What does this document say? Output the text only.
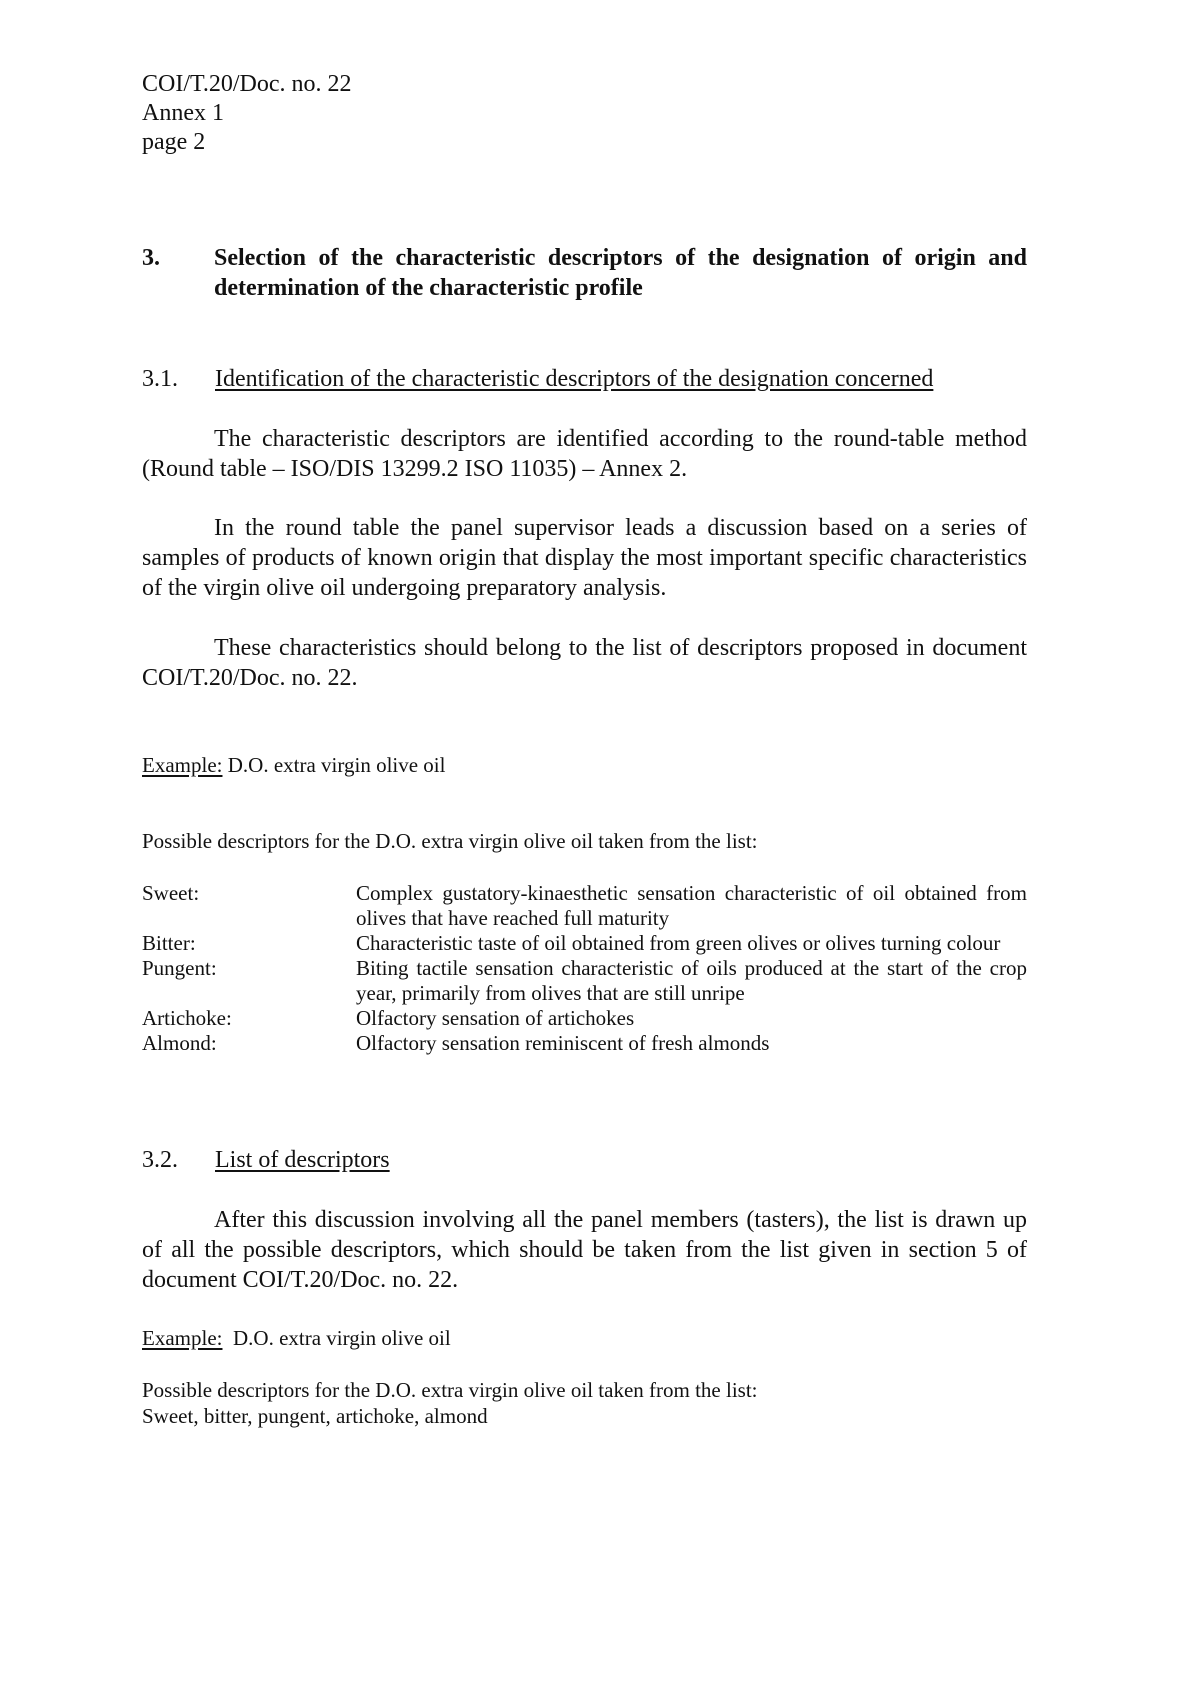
COI/T.20/Doc. no. 22
Annex 1
page 2
3.	Selection of the characteristic descriptors of the designation of origin and determination of the characteristic profile
3.1.	Identification of the characteristic descriptors of the designation concerned
The characteristic descriptors are identified according to the round-table method (Round table – ISO/DIS 13299.2 ISO 11035) – Annex 2.
In the round table the panel supervisor leads a discussion based on a series of samples of products of known origin that display the most important specific characteristics of the virgin olive oil undergoing preparatory analysis.
These characteristics should belong to the list of descriptors proposed in document COI/T.20/Doc. no. 22.
Example: D.O. extra virgin olive oil
Possible descriptors for the D.O. extra virgin olive oil taken from the list:
Sweet:	Complex gustatory-kinaesthetic sensation characteristic of oil obtained from olives that have reached full maturity
Bitter:	Characteristic taste of oil obtained from green olives or olives turning colour
Pungent:	Biting tactile sensation characteristic of oils produced at the start of the crop year, primarily from olives that are still unripe
Artichoke:	Olfactory sensation of artichokes
Almond:	Olfactory sensation reminiscent of fresh almonds
3.2.	List of descriptors
After this discussion involving all the panel members (tasters), the list is drawn up of all the possible descriptors, which should be taken from the list given in section 5 of document COI/T.20/Doc. no. 22.
Example:  D.O. extra virgin olive oil
Possible descriptors for the D.O. extra virgin olive oil taken from the list:
Sweet, bitter, pungent, artichoke, almond
